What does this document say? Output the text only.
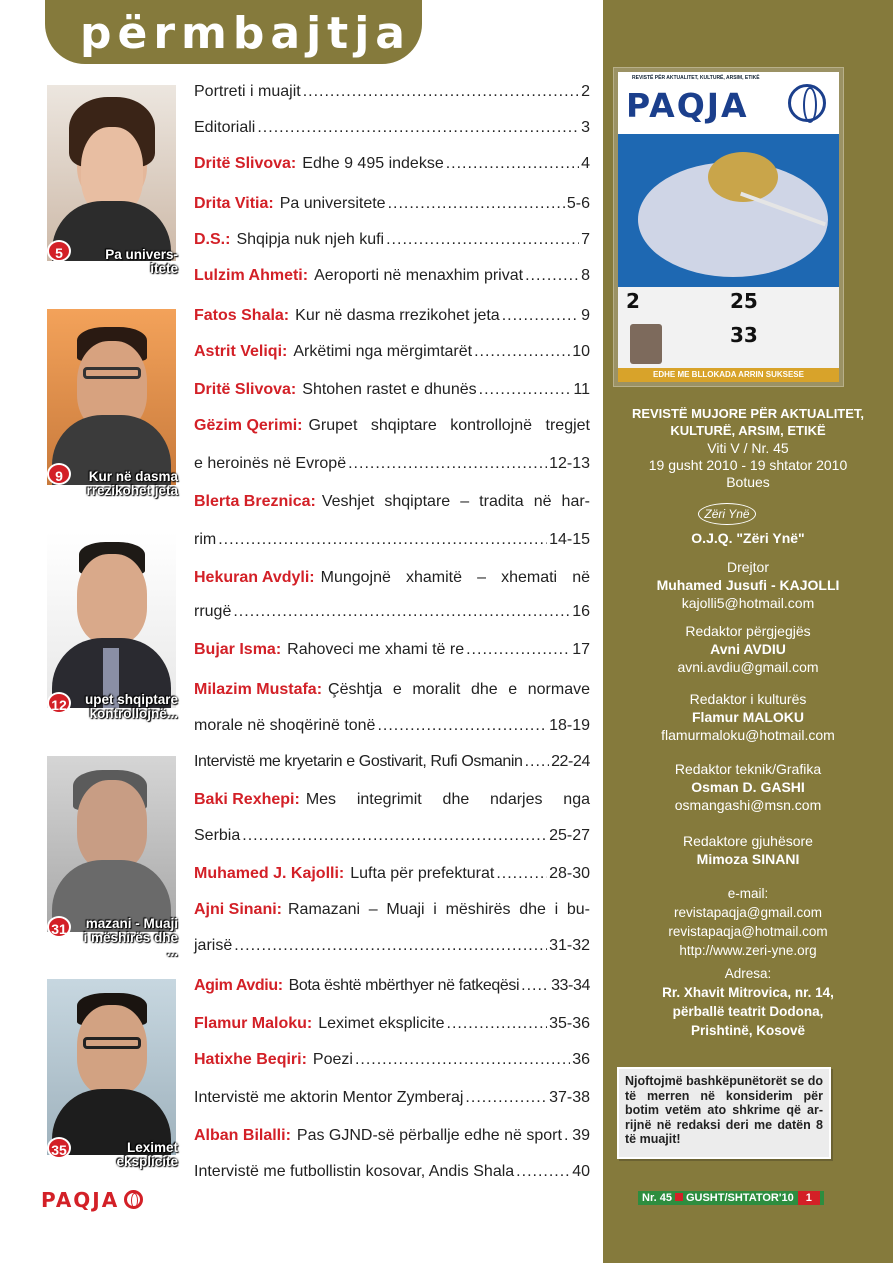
përmbajtja
REVISTË PËR AKTUALITET, KULTURË, ARSIM, ETIKË
PAQJA
2	25
33
EDHE ME BLLOKADA ARRIN SUKSESE
REVISTË MUJORE PËR AKTUALITET,
KULTURË, ARSIM, ETIKË
Viti V / Nr. 45
19 gusht 2010 - 19 shtator 2010
Botues
Zëri Ynë
O.J.Q. "Zëri Ynë"
Drejtor
Muhamed Jusufi - KAJOLLI
kajolli5@hotmail.com
Redaktor përgjegjës
Avni AVDIU
avni.avdiu@gmail.com
Redaktor i kulturës
Flamur MALOKU
flamurmaloku@hotmail.com
Redaktor teknik/Grafika
Osman D. GASHI
osmangashi@msn.com
Redaktore gjuhësore
Mimoza SINANI
e-mail:
revistapaqja@gmail.com
revistapaqja@hotmail.com
http://www.zeri-yne.org
Adresa:
Rr. Xhavit Mitrovica, nr. 14,
përballë teatrit Dodona,
Prishtinë, Kosovë
Njoftojmë bashkëpunëtorët se do të merren në konsiderim për botim vetëm ato shkrime që ar-rijnë në redaksi deri me datën 8 të muajit!
Nr. 45 GUSHT/SHTATOR'10 1
5	Pa univers-
itete
9	Kur në dasma
rrezikohet jeta
12	upet shqiptare
kontrollojnë...
31	mazani - Muaji
i mëshirës dhe ...
35	Leximet
eksplicite
Portreti i muajit .....	2
Editoriali .....	3
Dritë Slivova: Edhe 9 495 indekse .....	4
Drita Vitia: Pa universitete .....	5-6
D.S.: Shqipja nuk njeh kufi .....	7
Lulzim Ahmeti: Aeroporti në menaxhim privat .....	8
Fatos Shala: Kur në dasma rrezikohet jeta .....	9
Astrit Veliqi: Arkëtimi nga mërgimtarët .....	10
Dritë Slivova: Shtohen rastet e dhunës .....	11
Gëzim Qerimi: Grupet shqiptare kontrollojnë tregjet
e heroinës në Evropë .....	12-13
Blerta Breznica: Veshjet shqiptare – tradita në har-
rim .....	14-15
Hekuran Avdyli: Mungojnë xhamitë – xhemati në
rrugë .....	16
Bujar Isma: Rahoveci me xhami të re .....	17
Milazim Mustafa: Çështja e moralit dhe e normave
morale në shoqërinë tonë .....	18-19
Intervistë me kryetarin e Gostivarit, Rufi Osmanin ..... 22-24
Baki Rexhepi: Mes integrimit dhe ndarjes nga
Serbia .....	25-27
Muhamed J. Kajolli: Lufta për prefekturat .....	28-30
Ajni Sinani: Ramazani – Muaji i mëshirës dhe i bu-
jarisë .....	31-32
Agim Avdiu: Bota është mbërthyer në fatkeqësi ..... 33-34
Flamur Maloku: Leximet eksplicite .....	35-36
Hatixhe Beqiri: Poezi .....	36
Intervistë me aktorin Mentor Zymberaj .....	37-38
Alban Bilalli: Pas GJND-së përballje edhe në sport ..... 39
Intervistë me futbollistin kosovar, Andis Shala .....	40
PAQJA
